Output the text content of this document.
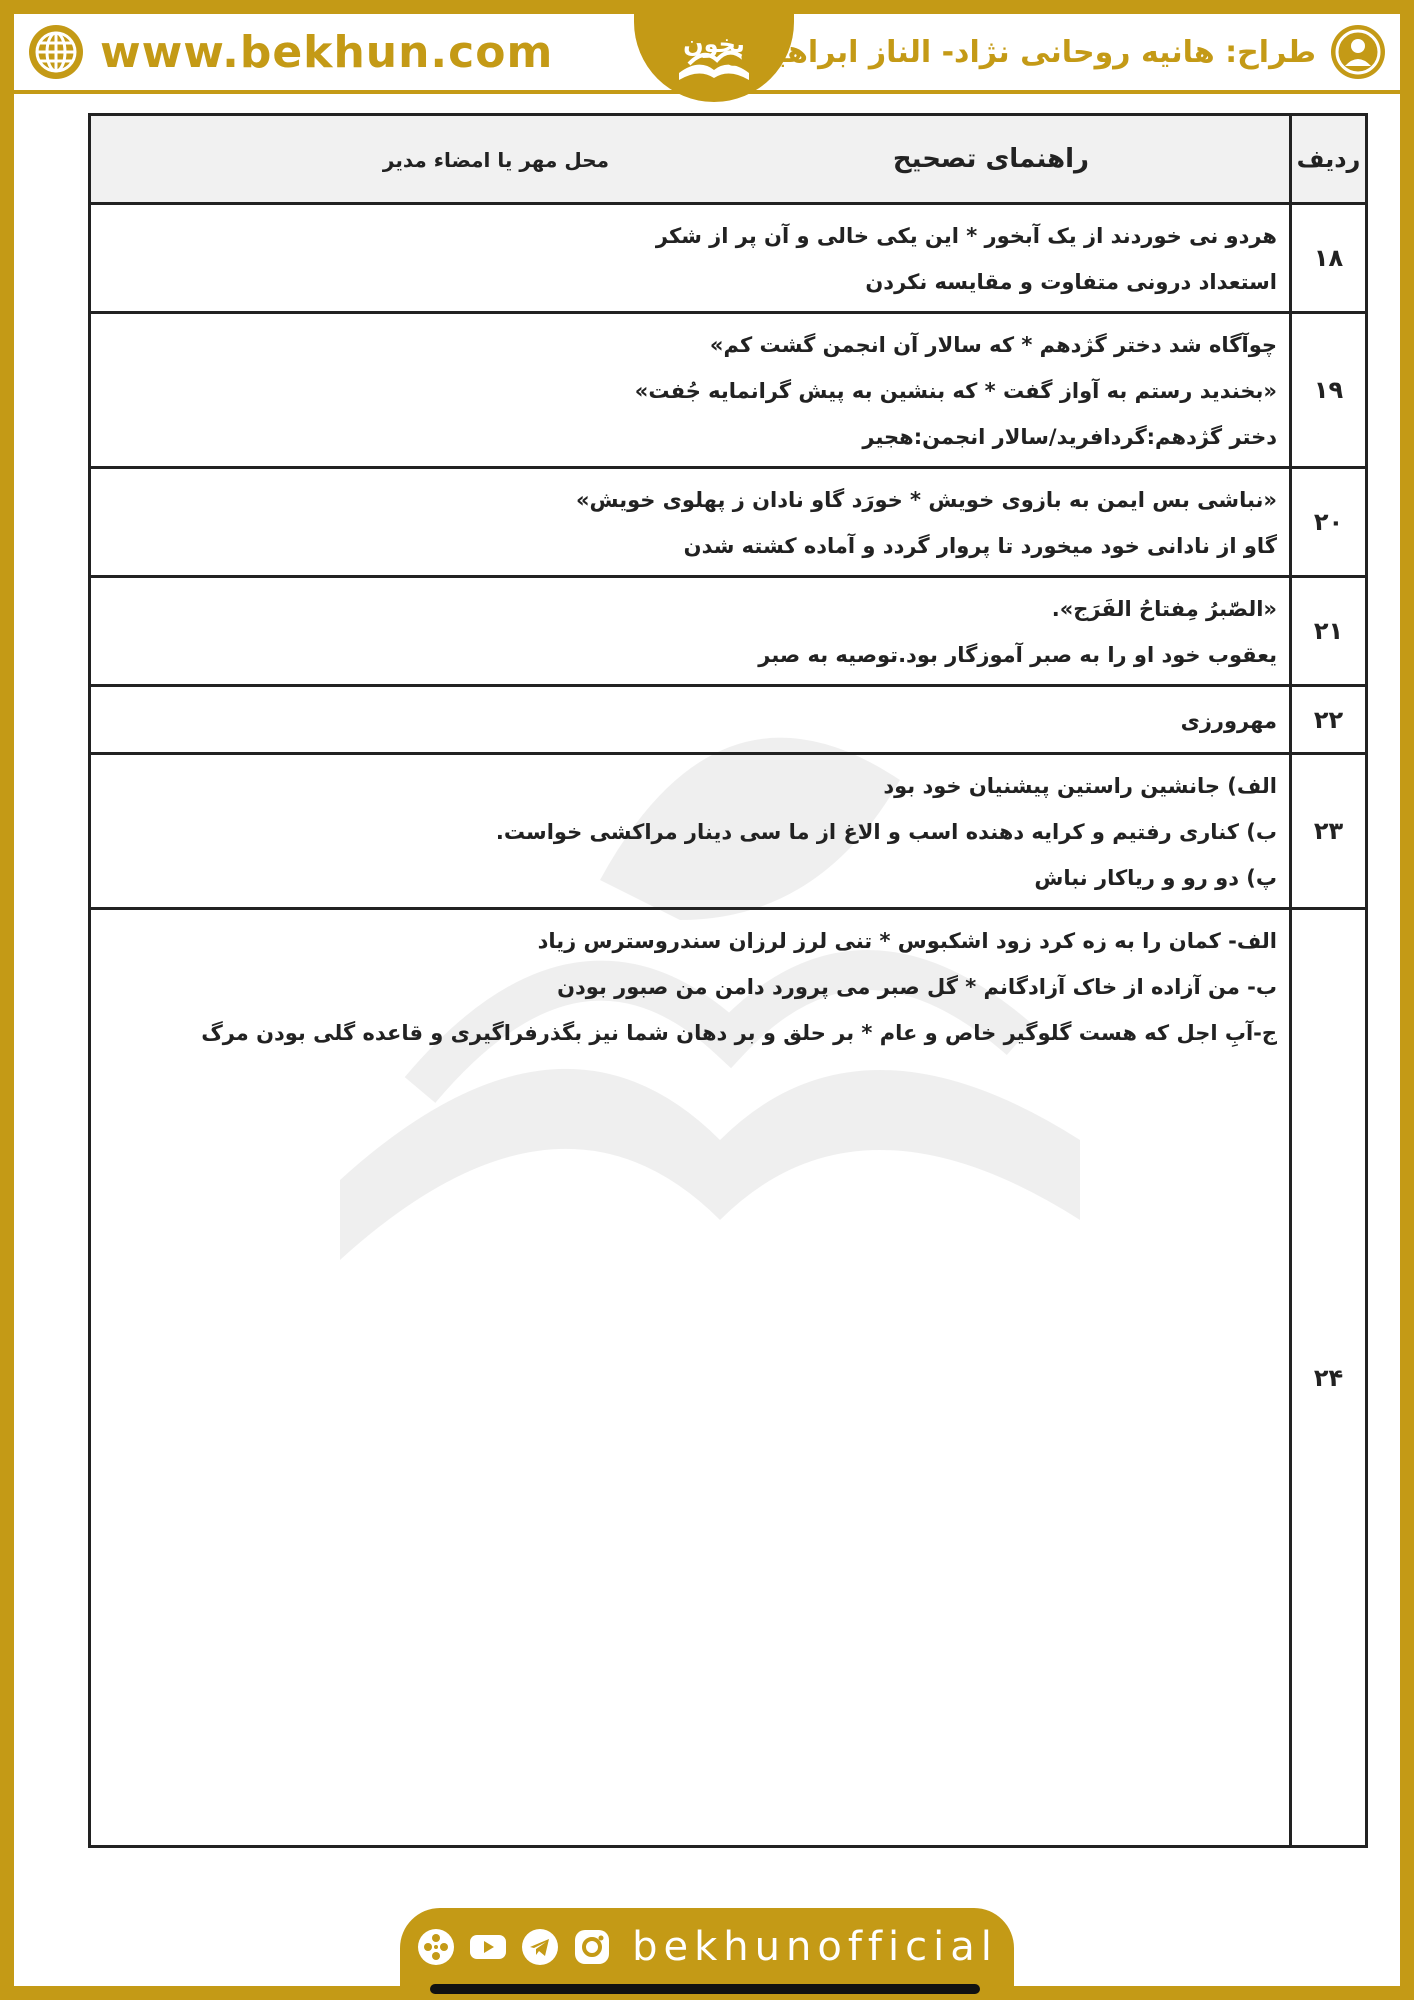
www.bekhun.com	بخون
طراح: هانیه روحانی نژاد- الناز ابراهیمی
ردیف	راهنمای تصحیح
محل مهر یا امضاء مدیر

۱۸	هردو نی خوردند از یک آبخور * این یکی خالی و آن پر از شکر
استعداد درونی متفاوت و مقایسه نکردن

۱۹	چوآگاه شد دختر گژدهم * که سالار آن انجمن گشت کم»
«بخندید رستم به آواز گفت * که بنشین به پیش گرانمایه جُفت»
دختر گژدهم:گردافرید/سالار انجمن:هجیر

۲۰	«نباشی بس ایمن به بازوی خویش * خورَد گاو نادان ز پهلوی خویش»
گاو از نادانی خود میخورد تا پروار گردد و آماده کشته شدن

۲۱	«الصّبرُ مِفتاحُ الفَرَج».
یعقوب خود او را به صبر آموزگار بود.توصیه به صبر

۲۲	مهرورزی

۲۳	الف) جانشین راستین پیشنیان خود بود
ب) کناری رفتیم و کرایه دهنده اسب و الاغ از ما سی دینار مراکشی خواست.
پ) دو رو و ریاکار نباش

۲۴	الف- کمان را به زه کرد زود اشکبوس * تنی لرز لرزان سندروسترس زیاد
ب- من آزاده از خاک آزادگانم * گل صبر می پرورد دامن من صبور بودن
ج-آبِ اجل که هست گلوگیر خاص و عام * بر حلق و بر دهان شما نیز بگذرفراگیری و قاعده گلی بودن مرگ
bekhunofficial
